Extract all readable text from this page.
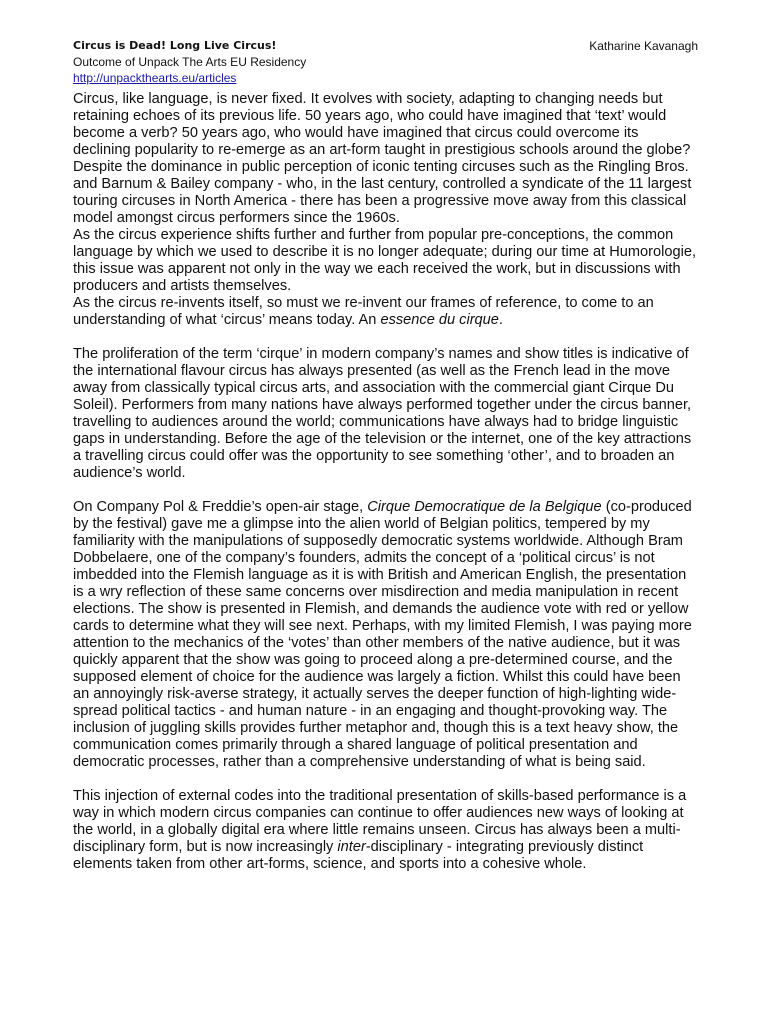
Circus is Dead! Long Live Circus!	Katharine Kavanagh
Outcome of Unpack The Arts EU Residency
http://unpackthearts.eu/articles

Circus, like language, is never fixed. It evolves with society, adapting to changing needs but retaining echoes of its previous life. 50 years ago, who could have imagined that ‘text’ would become a verb? 50 years ago, who would have imagined that circus could overcome its declining popularity to re-emerge as an art-form taught in prestigious schools around the globe?

Despite the dominance in public perception of iconic tenting circuses such as the Ringling Bros. and Barnum & Bailey company - who, in the last century, controlled a syndicate of the 11 largest touring circuses in North America - there has been a progressive move away from this classical model amongst circus performers since the 1960s.

As the circus experience shifts further and further from popular pre-conceptions, the common language by which we used to describe it is no longer adequate; during our time at Humorologie, this issue was apparent not only in the way we each received the work, but in discussions with producers and artists themselves.

As the circus re-invents itself, so must we re-invent our frames of reference, to come to an understanding of what ‘circus’ means today. An essence du cirque.

The proliferation of the term ‘cirque’ in modern company’s names and show titles is indicative of the international flavour circus has always presented (as well as the French lead in the move away from classically typical circus arts, and association with the commercial giant Cirque Du Soleil). Performers from many nations have always performed together under the circus banner, travelling to audiences around the world; communications have always had to bridge linguistic gaps in understanding. Before the age of the television or the internet, one of the key attractions a travelling circus could offer was the opportunity to see something ‘other’, and to broaden an audience’s world.

On Company Pol & Freddie’s open-air stage, Cirque Democratique de la Belgique (co-produced by the festival) gave me a glimpse into the alien world of Belgian politics, tempered by my familiarity with the manipulations of supposedly democratic systems worldwide. Although Bram Dobbelaere, one of the company’s founders, admits the concept of a ‘political circus’ is not imbedded into the Flemish language as it is with British and American English, the presentation is a wry reflection of these same concerns over misdirection and media manipulation in recent elections. The show is presented in Flemish, and demands the audience vote with red or yellow cards to determine what they will see next. Perhaps, with my limited Flemish, I was paying more attention to the mechanics of the ‘votes’ than other members of the native audience, but it was quickly apparent that the show was going to proceed along a pre-determined course, and the supposed element of choice for the audience was largely a fiction. Whilst this could have been an annoyingly risk-averse strategy, it actually serves the deeper function of high-lighting wide-spread political tactics - and human nature - in an engaging and thought-provoking way. The inclusion of juggling skills provides further metaphor and, though this is a text heavy show, the communication comes primarily through a shared language of political presentation and democratic processes, rather than a comprehensive understanding of what is being said.

This injection of external codes into the traditional presentation of skills-based performance is a way in which modern circus companies can continue to offer audiences new ways of looking at the world, in a globally digital era where little remains unseen. Circus has always been a multi-disciplinary form, but is now increasingly inter-disciplinary - integrating previously distinct elements taken from other art-forms, science, and sports into a cohesive whole.
